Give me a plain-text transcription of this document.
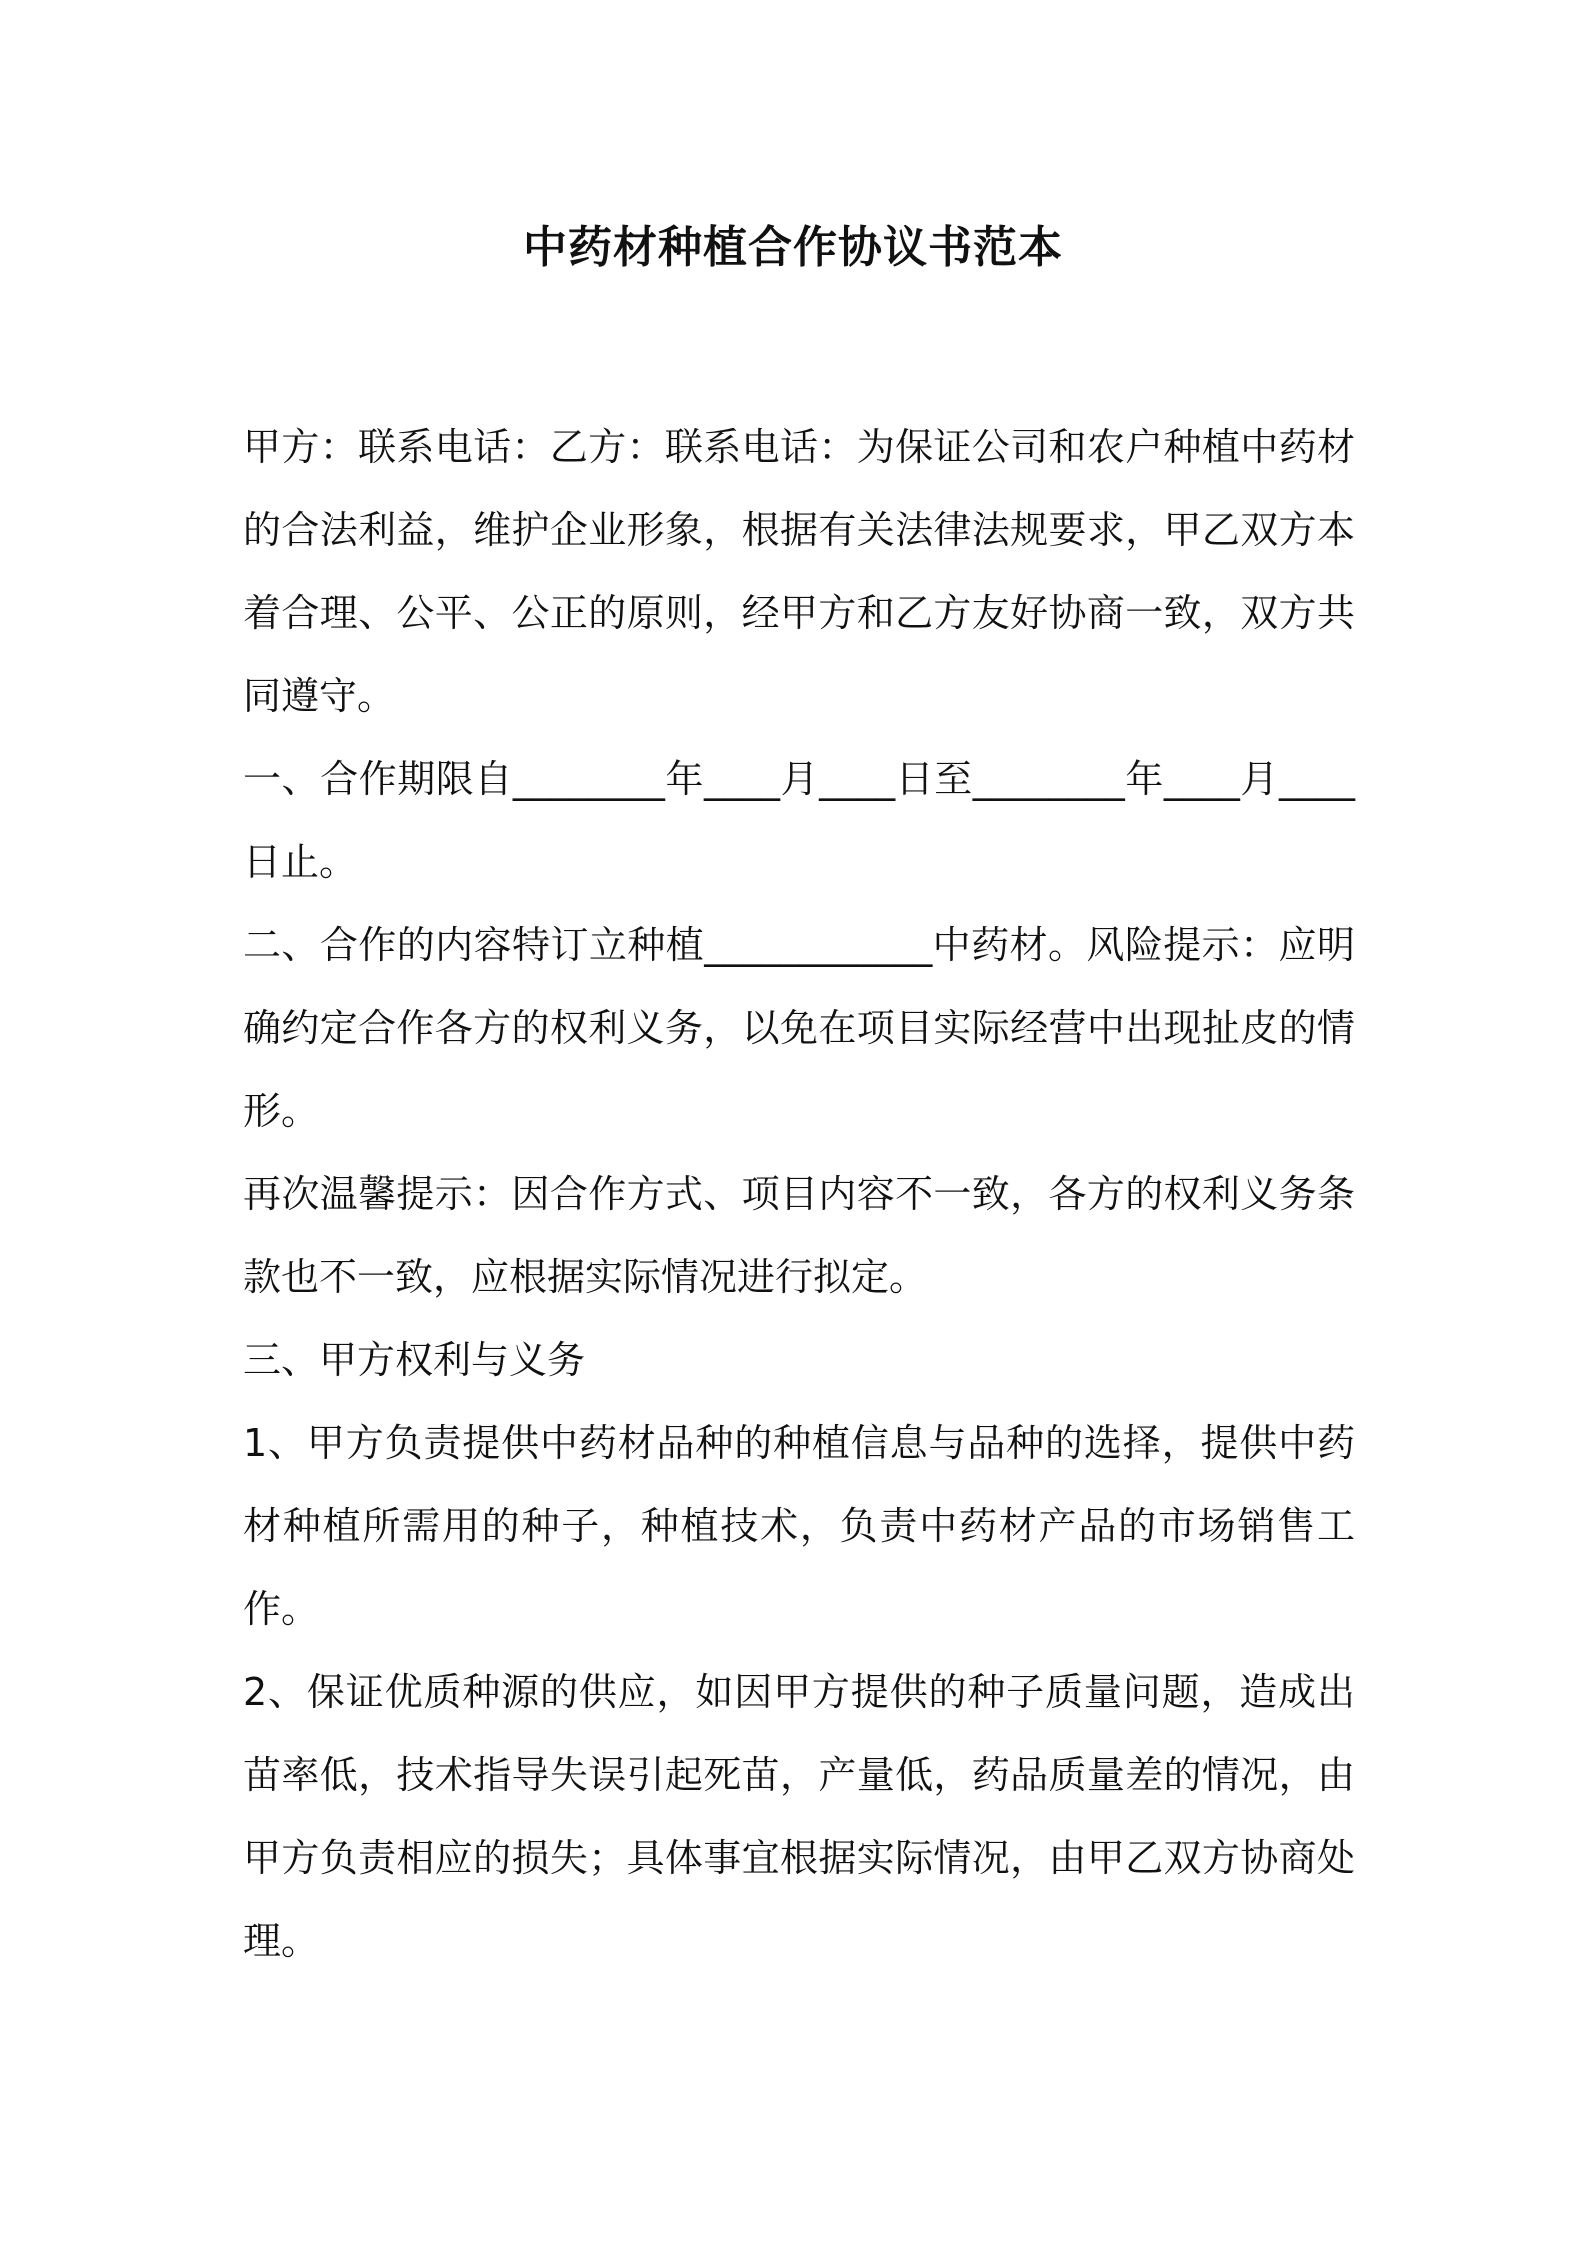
中药材种植合作协议书范本

甲方：联系电话：乙方：联系电话：为保证公司和农户种植中药材的合法利益，维护企业形象，根据有关法律法规要求，甲乙双方本着合理、公平、公正的原则，经甲方和乙方友好协商一致，双方共同遵守。

一、合作期限自________年____月____日至________年____月____日止。

二、合作的内容特订立种植____________中药材。风险提示：应明确约定合作各方的权利义务，以免在项目实际经营中出现扯皮的情形。

再次温馨提示：因合作方式、项目内容不一致，各方的权利义务条款也不一致，应根据实际情况进行拟定。

三、甲方权利与义务

1、甲方负责提供中药材品种的种植信息与品种的选择，提供中药材种植所需用的种子，种植技术，负责中药材产品的市场销售工作。

2、保证优质种源的供应，如因甲方提供的种子质量问题，造成出苗率低，技术指导失误引起死苗，产量低，药品质量差的情况，由甲方负责相应的损失；具体事宜根据实际情况，由甲乙双方协商处理。
